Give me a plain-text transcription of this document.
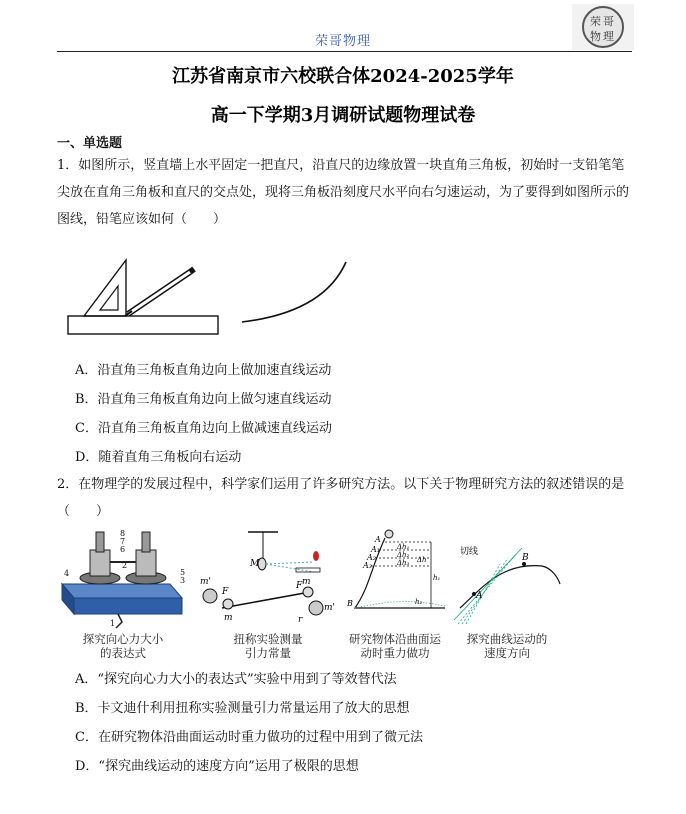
荣哥物理
荣 哥
物 理
江苏省南京市六校联合体2024-2025学年
高一下学期3月调研试题物理试卷
一、单选题
1．如图所示，竖直墙上水平固定一把直尺，沿直尺的边缘放置一块直角三角板，初始时一支铅笔笔尖放在直角三角板和直尺的交点处，现将三角板沿刻度尺水平向右匀速运动，为了要得到如图所示的图线，铅笔应该如何（　　）
A．沿直角三角板直角边向上做加速直线运动
B．沿直角三角板直角边向上做匀速直线运动
C．沿直角三角板直角边向上做减速直线运动
D．随着直角三角板向右运动
2．在物理学的发展过程中，科学家们运用了许多研究方法。以下关于物理研究方法的叙述错误的是（　　）
1
2
3
4	5
6
7
8
探究向心力大小
的表达式
M
m'
F
F
m
m
r
m'
扭称实验测量
引力常量
A
A₁
A₂
A₃
Δh₁
Δh₂
Δh₃ Δh
h₁
h₂
B
研究物体沿曲面运
动时重力做功
切线
A
B
探究曲线运动的
速度方向
A．“探究向心力大小的表达式”实验中用到了等效替代法
B．卡文迪什利用扭称实验测量引力常量运用了放大的思想
C．在研究物体沿曲面运动时重力做功的过程中用到了微元法
D．“探究曲线运动的速度方向”运用了极限的思想
